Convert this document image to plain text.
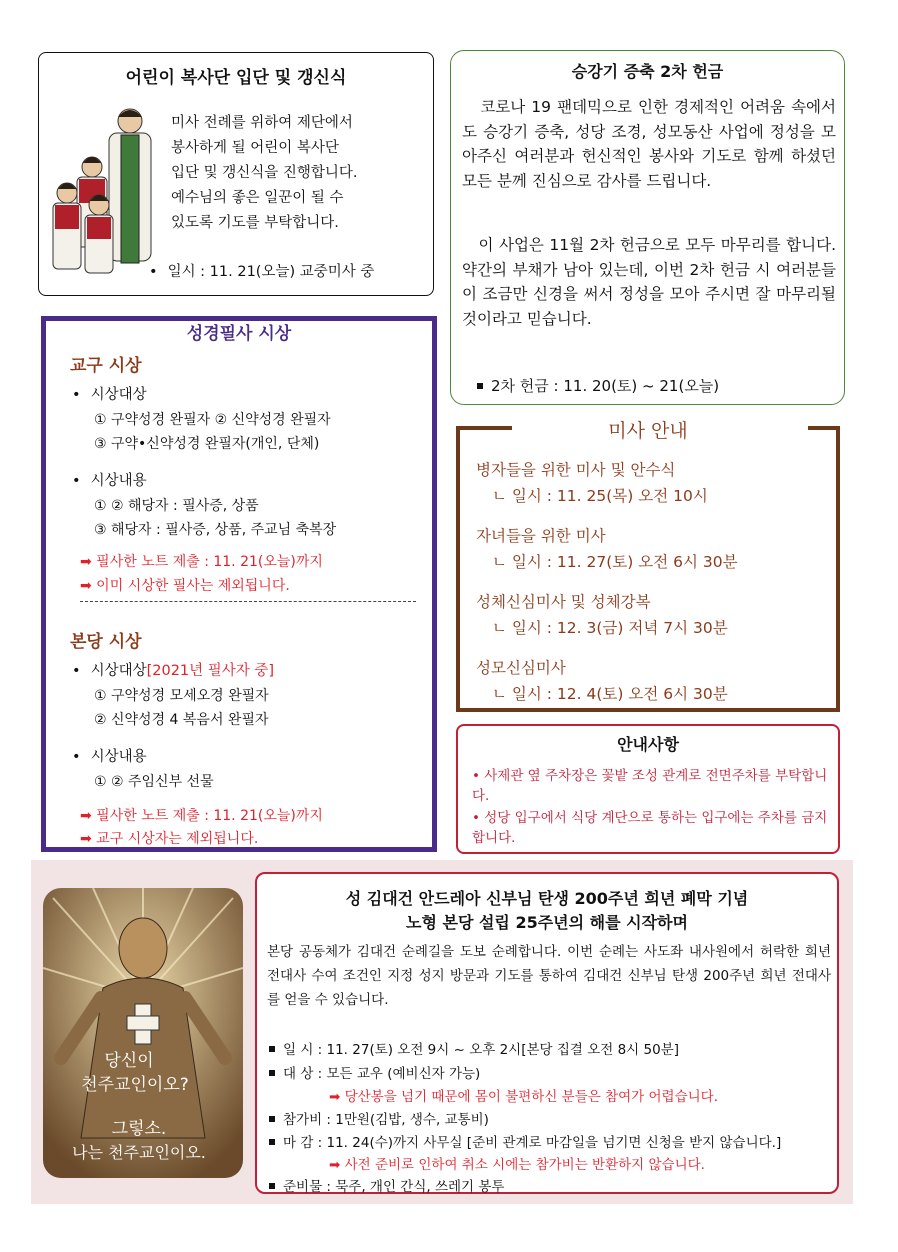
어린이 복사단 입단 및 갱신식
미사 전례를 위하여 제단에서
봉사하게 될 어린이 복사단
입단 및 갱신식을 진행합니다.
예수님의 좋은 일꾼이 될 수
있도록 기도를 부탁합니다.
• 일시 : 11. 21(오늘) 교중미사 중
승강기 증축 2차 헌금
코로나 19 팬데믹으로 인한 경제적인 어려움 속에서도 승강기 증축, 성당 조경, 성모동산 사업에 정성을 모아주신 여러분과 헌신적인 봉사와 기도로 함께 하셨던 모든 분께 진심으로 감사를 드립니다.
이 사업은 11월 2차 헌금으로 모두 마무리를 합니다. 약간의 부채가 남아 있는데, 이번 2차 헌금 시 여러분들이 조금만 신경을 써서 정성을 모아 주시면 잘 마무리될 것이라고 믿습니다.
2차 헌금 : 11. 20(토) ~ 21(오늘)
성경필사 시상
교구 시상
• 시상대상
① 구약성경 완필자 ② 신약성경 완필자
③ 구약•신약성경 완필자(개인, 단체)
• 시상내용
① ② 해당자 : 필사증, 상품
③ 해당자 : 필사증, 상품, 주교님 축복장
➡ 필사한 노트 제출 : 11. 21(오늘)까지
➡ 이미 시상한 필사는 제외됩니다.
본당 시상
• 시상대상[2021년 필사자 중]
① 구약성경 모세오경 완필자
② 신약성경 4 복음서 완필자
• 시상내용
① ② 주임신부 선물
➡ 필사한 노트 제출 : 11. 21(오늘)까지
➡ 교구 시상자는 제외됩니다.
미사 안내
병자들을 위한 미사 및 안수식
ㄴ 일시 : 11. 25(목) 오전 10시
자녀들을 위한 미사
ㄴ 일시 : 11. 27(토) 오전 6시 30분
성체신심미사 및 성체강복
ㄴ 일시 : 12. 3(금) 저녁 7시 30분
성모신심미사
ㄴ 일시 : 12. 4(토) 오전 6시 30분
안내사항
• 사제관 옆 주차장은 꽃밭 조성 관계로 전면주차를 부탁합니다.
• 성당 입구에서 식당 계단으로 통하는 입구에는 주차를 금지합니다.
당신이
천주교인이오?
그렇소.
나는 천주교인이오.
성 김대건 안드레아 신부님 탄생 200주년 희년 폐막 기념
노형 본당 설립 25주년의 해를 시작하며
본당 공동체가 김대건 순례길을 도보 순례합니다. 이번 순례는 사도좌 내사원에서 허락한 희년 전대사 수여 조건인 지정 성지 방문과 기도를 통하여 김대건 신부님 탄생 200주년 희년 전대사를 얻을 수 있습니다.
일 시 : 11. 27(토) 오전 9시 ~ 오후 2시[본당 집결 오전 8시 50분]
대 상 : 모든 교우 (예비신자 가능)
➡ 당산봉을 넘기 때문에 몸이 불편하신 분들은 참여가 어렵습니다.
참가비 : 1만원(김밥, 생수, 교통비)
마 감 : 11. 24(수)까지 사무실 [준비 관계로 마감일을 넘기면 신청을 받지 않습니다.]
➡ 사전 준비로 인하여 취소 시에는 참가비는 반환하지 않습니다.
준비물 : 묵주, 개인 간식, 쓰레기 봉투
